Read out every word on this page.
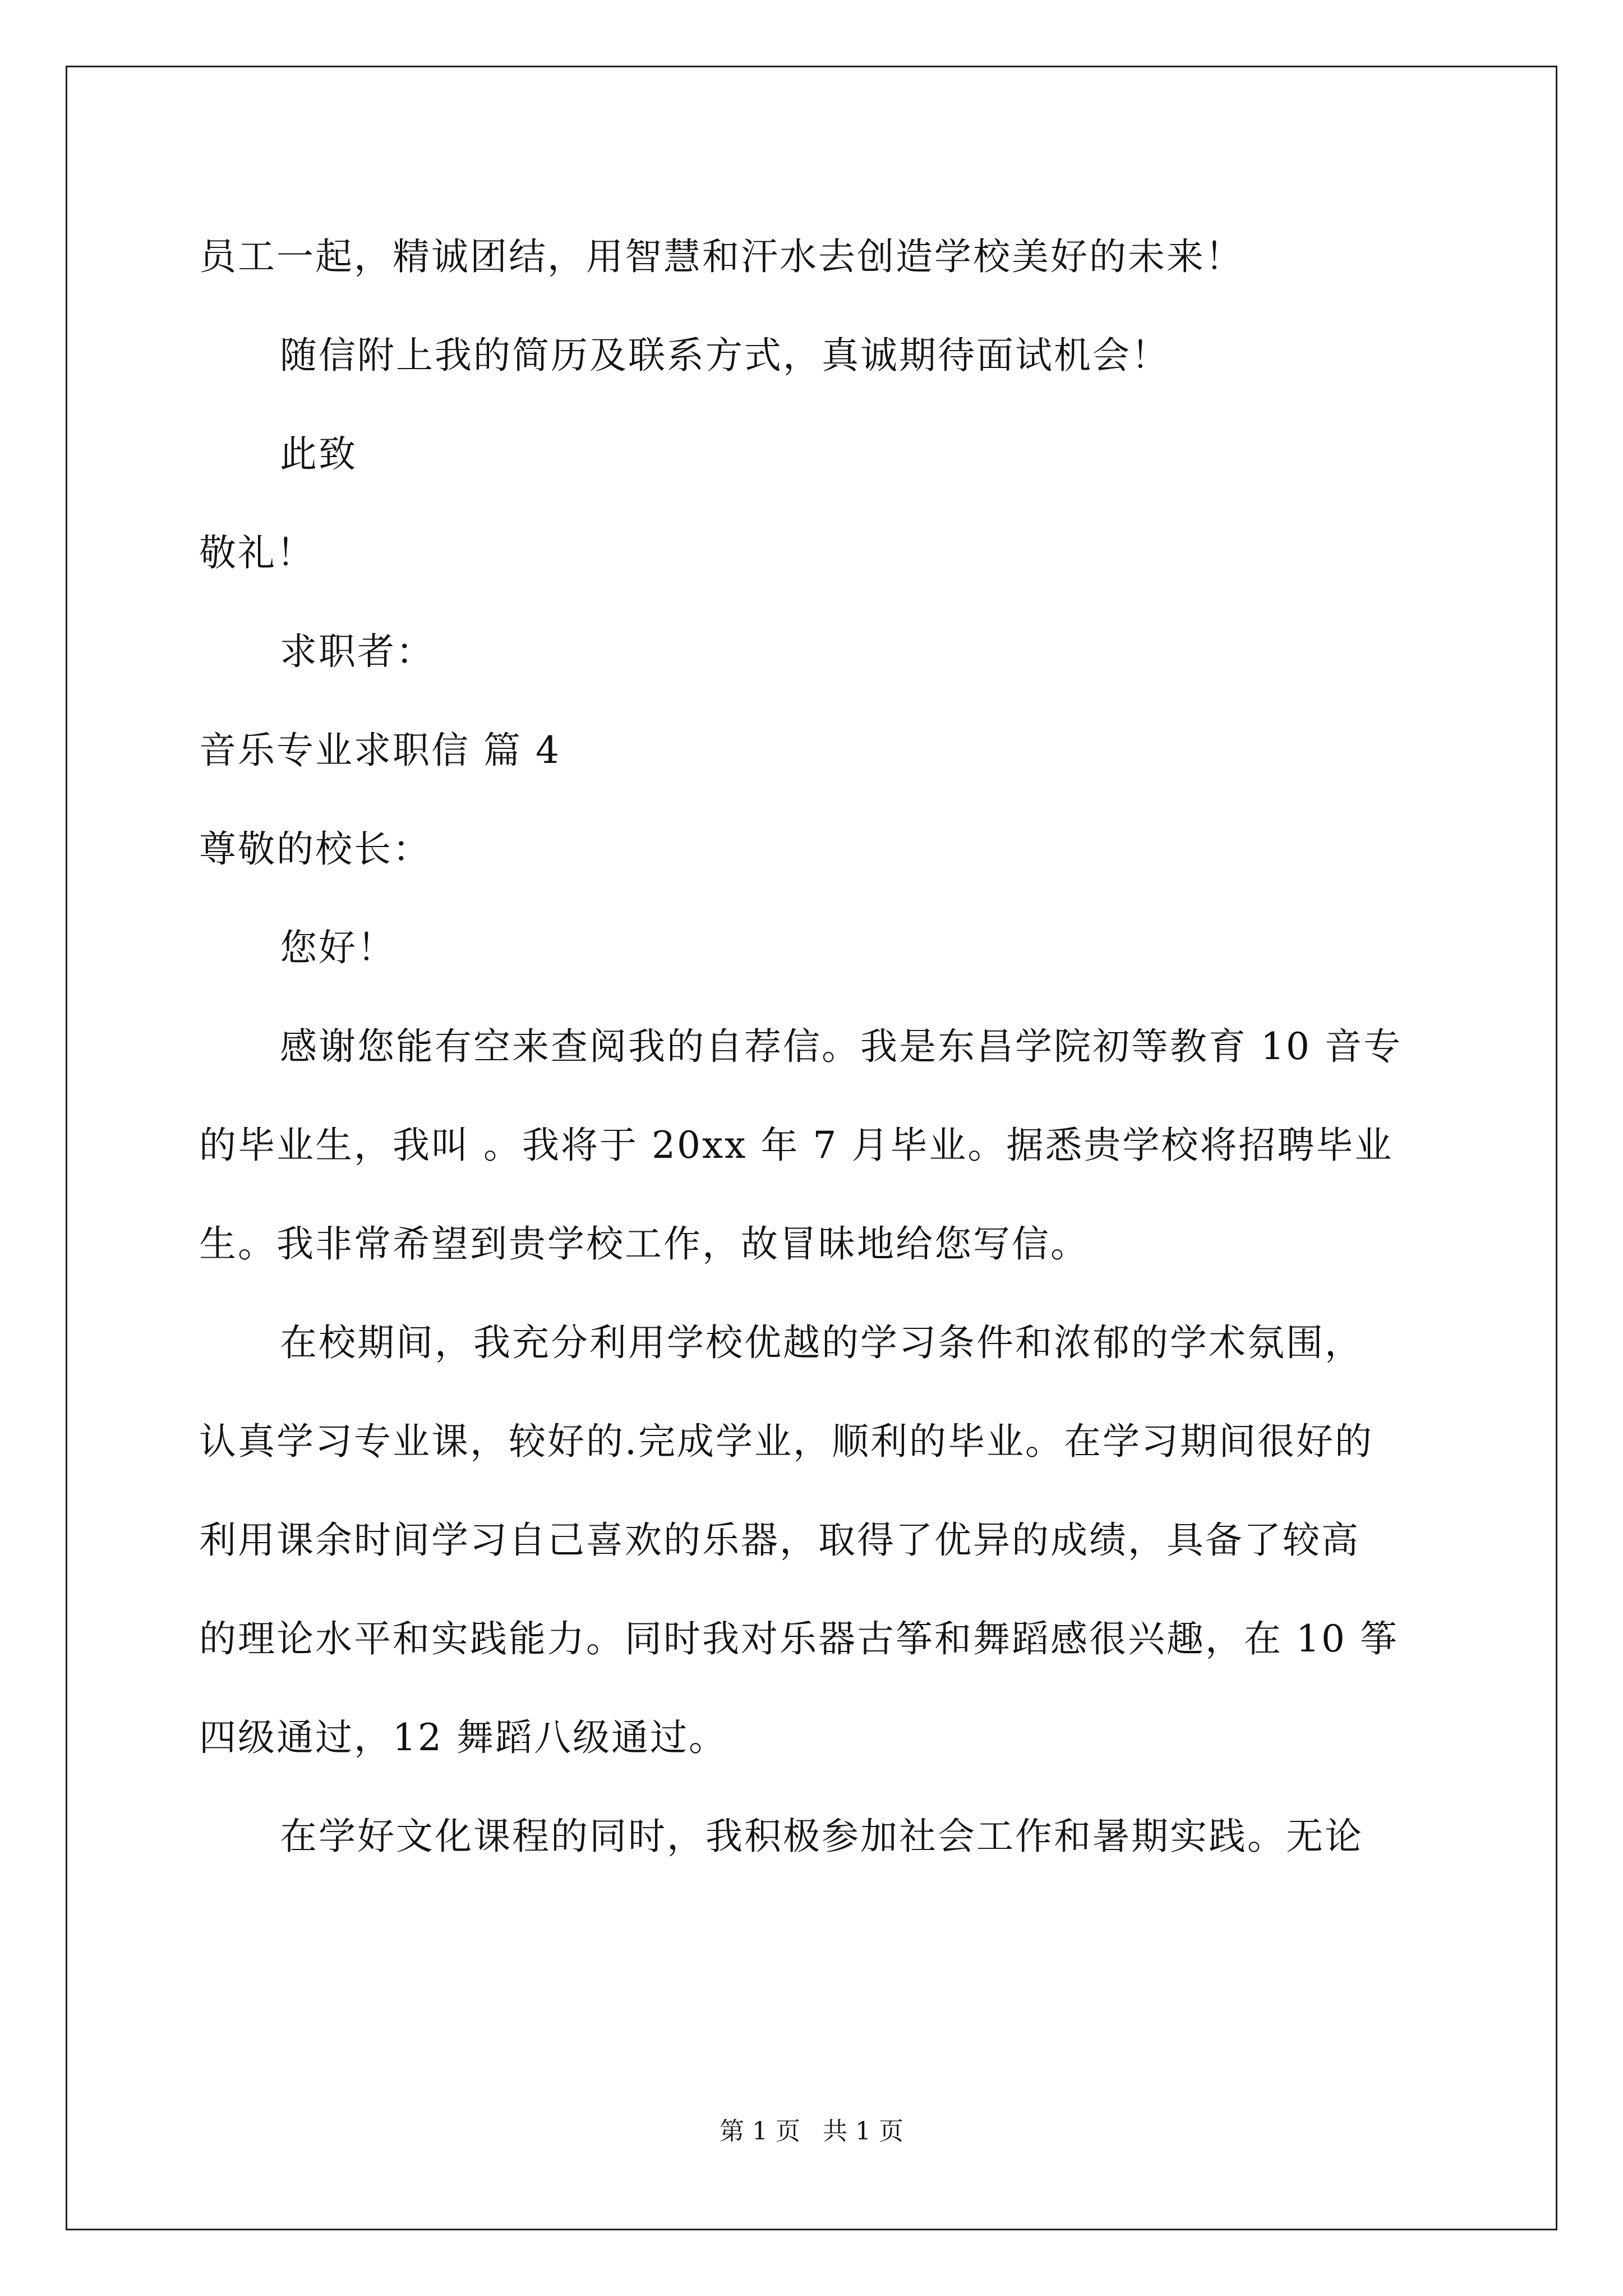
员工一起，精诚团结，用智慧和汗水去创造学校美好的未来！
随信附上我的简历及联系方式，真诚期待面试机会！
此致
敬礼！
求职者：
音乐专业求职信 篇 4
尊敬的校长：
您好！
感谢您能有空来查阅我的自荐信。我是东昌学院初等教育 10 音专
的毕业生，我叫 。我将于 20xx 年 7 月毕业。据悉贵学校将招聘毕业
生。我非常希望到贵学校工作，故冒昧地给您写信。
在校期间，我充分利用学校优越的学习条件和浓郁的学术氛围，
认真学习专业课，较好的.完成学业，顺利的毕业。在学习期间很好的
利用课余时间学习自己喜欢的乐器，取得了优异的成绩，具备了较高
的理论水平和实践能力。同时我对乐器古筝和舞蹈感很兴趣，在 10 筝
四级通过，12 舞蹈八级通过。
在学好文化课程的同时，我积极参加社会工作和暑期实践。无论
第 1 页 共 1 页
